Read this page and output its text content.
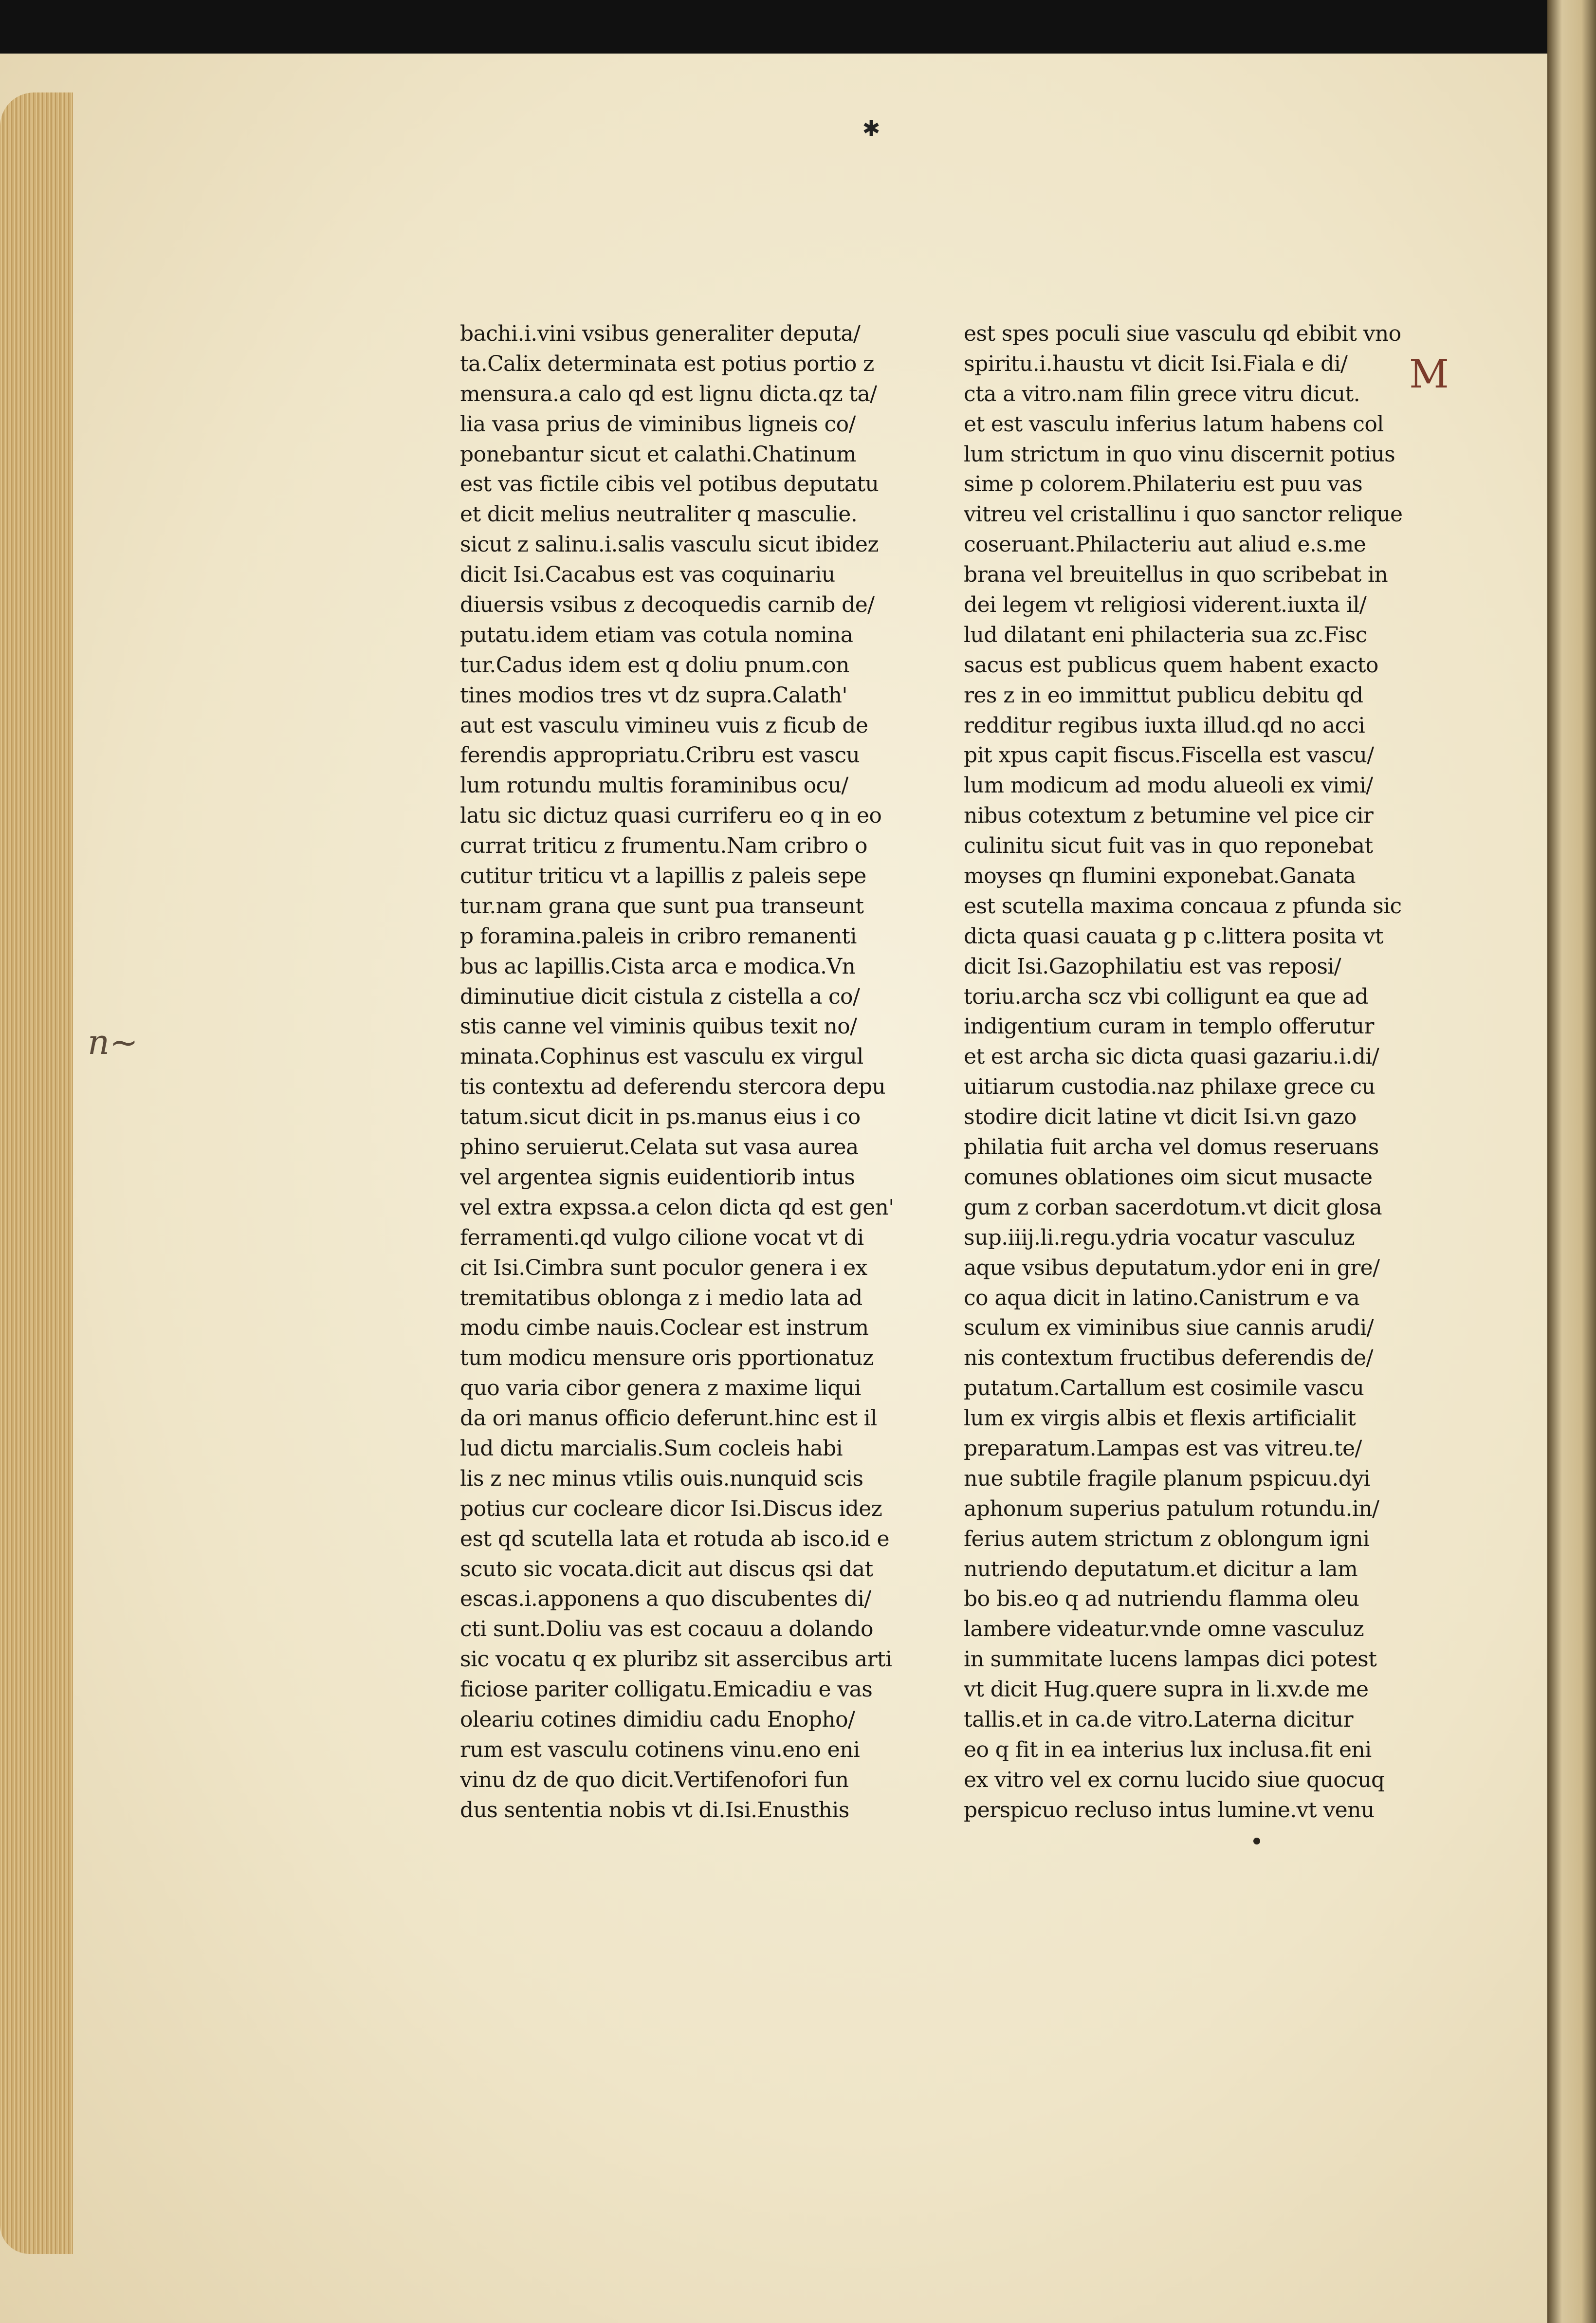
✱
n~
M
bachi.i.vini vsibus generaliter deputa/
ta.Calix determinata est potius portio z
mensura.a calo qd est lignu dicta.qz ta/
lia vasa prius de viminibus ligneis co/
ponebantur sicut et calathi.Chatinum
est vas fictile cibis vel potibus deputatu
et dicit melius neutraliter q masculie.
sicut z salinu.i.salis vasculu sicut ibidez
dicit Isi.Cacabus est vas coquinariu
diuersis vsibus z decoquedis carnib de/
putatu.idem etiam vas cotula nomina
tur.Cadus idem est q doliu pnum.con
tines modios tres vt dz supra.Calath'
aut est vasculu vimineu vuis z ficub de
ferendis appropriatu.Cribru est vascu
lum rotundu multis foraminibus ocu/
latu sic dictuz quasi curriferu eo q in eo
currat triticu z frumentu.Nam cribro o
cutitur triticu vt a lapillis z paleis sepe
tur.nam grana que sunt pua transeunt
p foramina.paleis in cribro remanenti
bus ac lapillis.Cista arca e modica.Vn
diminutiue dicit cistula z cistella a co/
stis canne vel viminis quibus texit no/
minata.Cophinus est vasculu ex virgul
tis contextu ad deferendu stercora depu
tatum.sicut dicit in ps.manus eius i co
phino seruierut.Celata sut vasa aurea
vel argentea signis euidentiorib intus
vel extra expssa.a celon dicta qd est gen'
ferramenti.qd vulgo cilione vocat vt di
cit Isi.Cimbra sunt poculor genera i ex
tremitatibus oblonga z i medio lata ad
modu cimbe nauis.Coclear est instrum
tum modicu mensure oris pportionatuz
quo varia cibor genera z maxime liqui
da ori manus officio deferunt.hinc est il
lud dictu marcialis.Sum cocleis habi
lis z nec minus vtilis ouis.nunquid scis
potius cur cocleare dicor Isi.Discus idez
est qd scutella lata et rotuda ab isco.id e
scuto sic vocata.dicit aut discus qsi dat
escas.i.apponens a quo discubentes di/
cti sunt.Doliu vas est cocauu a dolando
sic vocatu q ex pluribz sit assercibus arti
ficiose pariter colligatu.Emicadiu e vas
oleariu cotines dimidiu cadu Enopho/
rum est vasculu cotinens vinu.eno eni
vinu dz de quo dicit.Vertifenofori fun
dus sententia nobis vt di.Isi.Enusthis
est spes poculi siue vasculu qd ebibit vno
spiritu.i.haustu vt dicit Isi.Fiala e di/
cta a vitro.nam filin grece vitru dicut.
et est vasculu inferius latum habens col
lum strictum in quo vinu discernit potius
sime p colorem.Philateriu est puu vas
vitreu vel cristallinu i quo sanctor relique
coseruant.Philacteriu aut aliud e.s.me
brana vel breuitellus in quo scribebat in
dei legem vt religiosi viderent.iuxta il/
lud dilatant eni philacteria sua zc.Fisc
sacus est publicus quem habent exacto
res z in eo immittut publicu debitu qd
redditur regibus iuxta illud.qd no acci
pit xpus capit fiscus.Fiscella est vascu/
lum modicum ad modu alueoli ex vimi/
nibus cotextum z betumine vel pice cir
culinitu sicut fuit vas in quo reponebat
moyses qn flumini exponebat.Ganata
est scutella maxima concaua z pfunda sic
dicta quasi cauata g p c.littera posita vt
dicit Isi.Gazophilatiu est vas reposi/
toriu.archa scz vbi colligunt ea que ad
indigentium curam in templo offerutur
et est archa sic dicta quasi gazariu.i.di/
uitiarum custodia.naz philaxe grece cu
stodire dicit latine vt dicit Isi.vn gazo
philatia fuit archa vel domus reseruans
comunes oblationes oim sicut musacte
gum z corban sacerdotum.vt dicit glosa
sup.iiij.li.regu.ydria vocatur vasculuz
aque vsibus deputatum.ydor eni in gre/
co aqua dicit in latino.Canistrum e va
sculum ex viminibus siue cannis arudi/
nis contextum fructibus deferendis de/
putatum.Cartallum est cosimile vascu
lum ex virgis albis et flexis artificialit
preparatum.Lampas est vas vitreu.te/
nue subtile fragile planum pspicuu.dyi
aphonum superius patulum rotundu.in/
ferius autem strictum z oblongum igni
nutriendo deputatum.et dicitur a lam
bo bis.eo q ad nutriendu flamma oleu
lambere videatur.vnde omne vasculuz
in summitate lucens lampas dici potest
vt dicit Hug.quere supra in li.xv.de me
tallis.et in ca.de vitro.Laterna dicitur
eo q fit in ea interius lux inclusa.fit eni
ex vitro vel ex cornu lucido siue quocuq
perspicuo recluso intus lumine.vt venu
